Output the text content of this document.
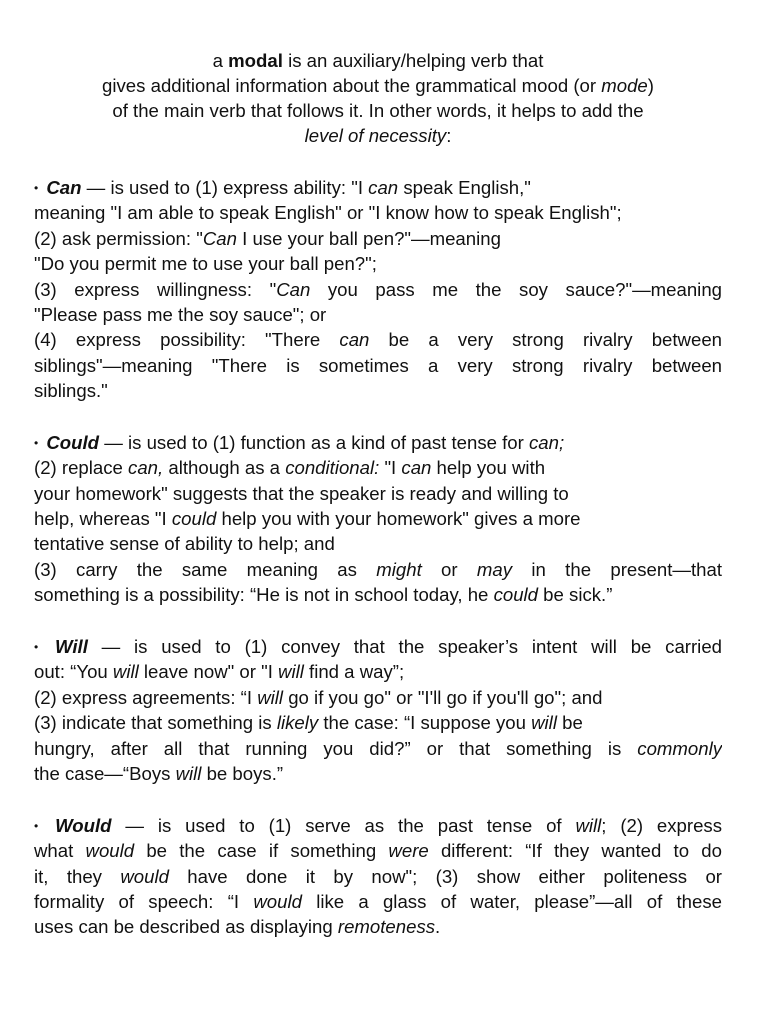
a modal is an auxiliary/helping verb that
gives additional information about the grammatical mood (or mode)
of the main verb that follows it. In other words, it helps to add the
level of necessity:
• Can — is used to (1) express ability: "I can speak English,"
meaning "I am able to speak English" or "I know how to speak English";
(2) ask permission: "Can I use your ball pen?"—meaning
"Do you permit me to use your ball pen?";
(3) express willingness: "Can you pass me the soy sauce?"—meaning
"Please pass me the soy sauce"; or
(4) express possibility: "There can be a very strong rivalry between
siblings"—meaning "There is sometimes a very strong rivalry between
siblings."
• Could — is used to (1) function as a kind of past tense for can;
(2) replace can, although as a conditional: "I can help you with
your homework" suggests that the speaker is ready and willing to
help, whereas "I could help you with your homework" gives a more
tentative sense of ability to help; and
(3) carry the same meaning as might or may in the present—that
something is a possibility: “He is not in school today, he could be sick.”
• Will — is used to (1) convey that the speaker’s intent will be carried
out: “You will leave now" or "I will find a way”;
(2) express agreements: “I will go if you go" or "I'll go if you'll go"; and
(3) indicate that something is likely the case: “I suppose you will be
hungry, after all that running you did?” or that something is commonly
the case—“Boys will be boys.”
• Would — is used to (1) serve as the past tense of will; (2) express
what would be the case if something were different: “If they wanted to do
it, they would have done it by now"; (3) show either politeness or
formality of speech: “I would like a glass of water, please”—all of these
uses can be described as displaying remoteness.
